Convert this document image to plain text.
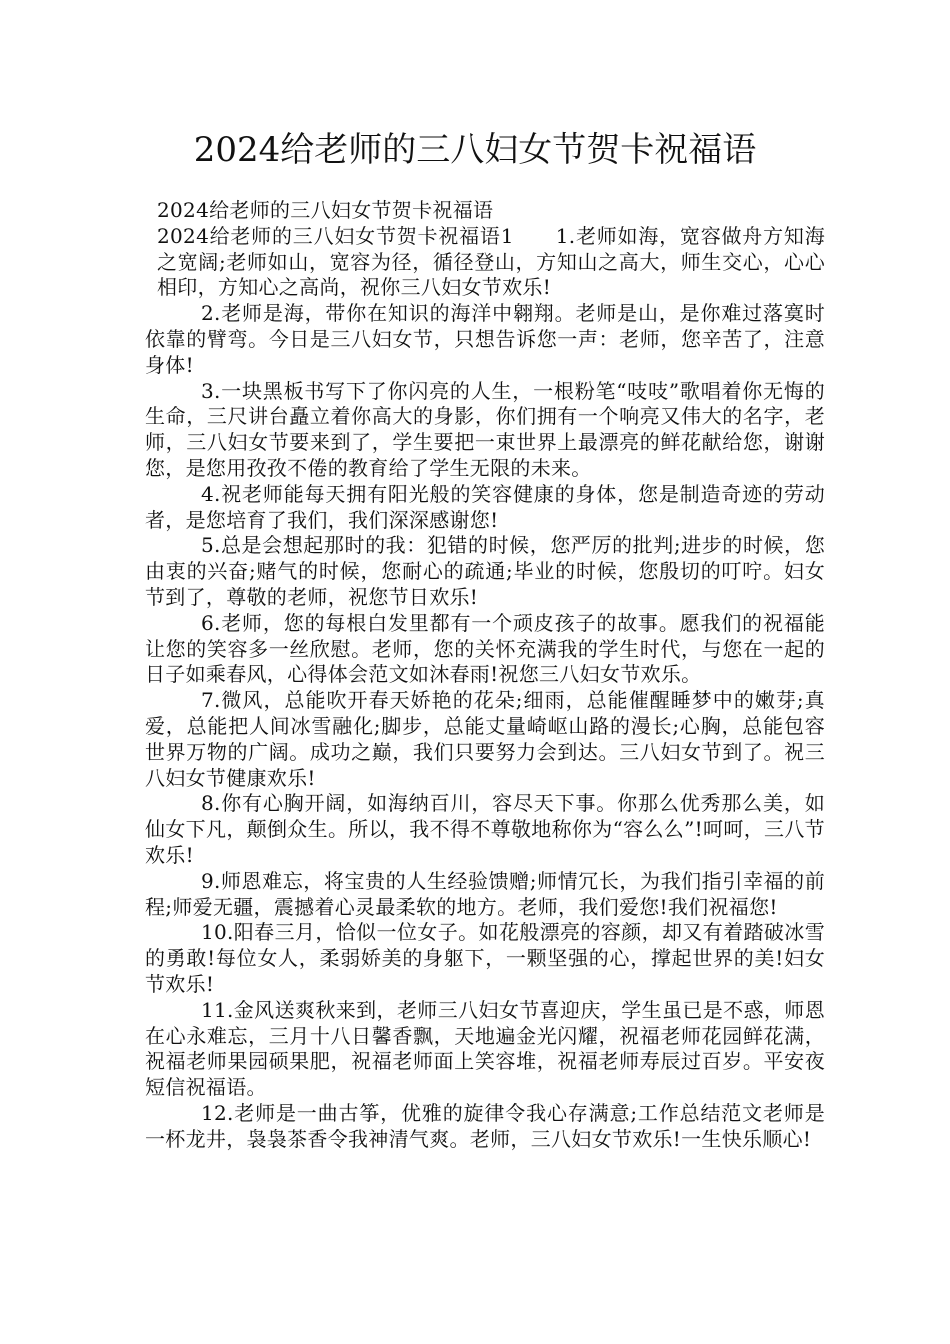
2024给老师的三八妇女节贺卡祝福语

2024给老师的三八妇女节贺卡祝福语

2024给老师的三八妇女节贺卡祝福语1 1.老师如海，宽容做舟方知海之宽阔;老师如山，宽容为径，循径登山，方知山之高大，师生交心，心心相印，方知心之高尚，祝你三八妇女节欢乐!

2.老师是海，带你在知识的海洋中翱翔。老师是山，是你难过落寞时依靠的臂弯。今日是三八妇女节，只想告诉您一声：老师，您辛苦了，注意身体!

3.一块黑板书写下了你闪亮的人生，一根粉笔“吱吱”歌唱着你无悔的生命，三尺讲台矗立着你高大的身影，你们拥有一个响亮又伟大的名字，老师，三八妇女节要来到了，学生要把一束世界上最漂亮的鲜花献给您，谢谢您，是您用孜孜不倦的教育给了学生无限的未来。

4.祝老师能每天拥有阳光般的笑容健康的身体，您是制造奇迹的劳动者，是您培育了我们，我们深深感谢您!

5.总是会想起那时的我：犯错的时候，您严厉的批判;进步的时候，您由衷的兴奋;赌气的时候，您耐心的疏通;毕业的时候，您殷切的叮咛。妇女节到了，尊敬的老师，祝您节日欢乐!

6.老师，您的每根白发里都有一个顽皮孩子的故事。愿我们的祝福能让您的笑容多一丝欣慰。老师，您的关怀充满我的学生时代，与您在一起的日子如乘春风，心得体会范文如沐春雨!祝您三八妇女节欢乐。

7.微风，总能吹开春天娇艳的花朵;细雨，总能催醒睡梦中的嫩芽;真爱，总能把人间冰雪融化;脚步，总能丈量崎岖山路的漫长;心胸，总能包容世界万物的广阔。成功之巅，我们只要努力会到达。三八妇女节到了。祝三八妇女节健康欢乐!

8.你有心胸开阔，如海纳百川，容尽天下事。你那么优秀那么美，如仙女下凡，颠倒众生。所以，我不得不尊敬地称你为“容么么”!呵呵，三八节欢乐!

9.师恩难忘，将宝贵的人生经验馈赠;师情冗长，为我们指引幸福的前程;师爱无疆，震撼着心灵最柔软的地方。老师，我们爱您!我们祝福您!

10.阳春三月，恰似一位女子。如花般漂亮的容颜，却又有着踏破冰雪的勇敢!每位女人，柔弱娇美的身躯下，一颗坚强的心，撑起世界的美!妇女节欢乐!

11.金风送爽秋来到，老师三八妇女节喜迎庆，学生虽已是不惑，师恩在心永难忘，三月十八日馨香飘，天地遍金光闪耀，祝福老师花园鲜花满，祝福老师果园硕果肥，祝福老师面上笑容堆，祝福老师寿辰过百岁。平安夜短信祝福语。

12.老师是一曲古筝，优雅的旋律令我心存满意;工作总结范文老师是一杯龙井，袅袅茶香令我神清气爽。老师，三八妇女节欢乐!一生快乐顺心!
